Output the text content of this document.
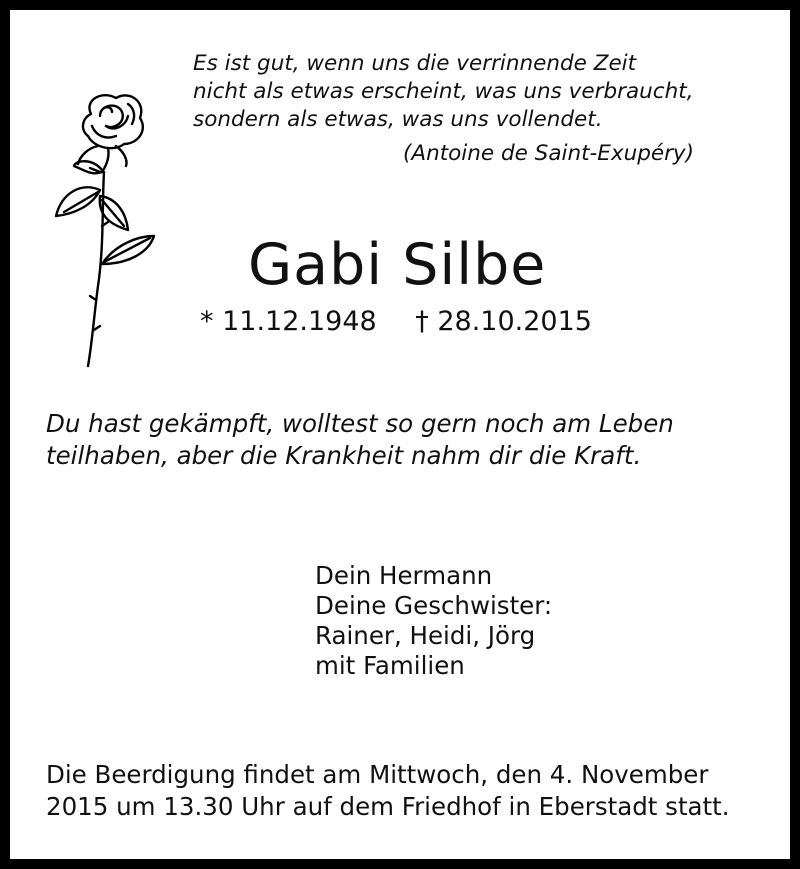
Es ist gut, wenn uns die verrinnende Zeit
nicht als etwas erscheint, was uns verbraucht,
sondern als etwas, was uns vollendet.
(Antoine de Saint-Exupéry)
Gabi Silbe
* 11.12.1948 † 28.10.2015
Du hast gekämpft, wolltest so gern noch am Leben
teilhaben, aber die Krankheit nahm dir die Kraft.
Dein Hermann
Deine Geschwister:
Rainer, Heidi, Jörg
mit Familien
Die Beerdigung findet am Mittwoch, den 4. November
2015 um 13.30 Uhr auf dem Friedhof in Eberstadt statt.
